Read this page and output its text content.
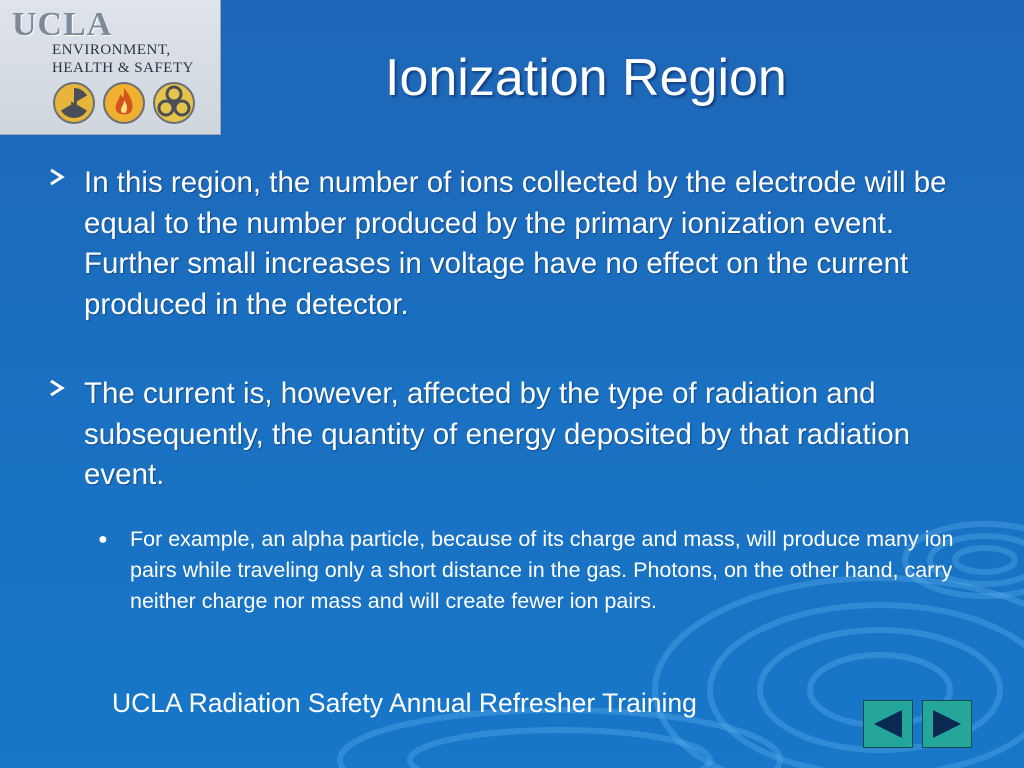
UCLA
ENVIRONMENT,
HEALTH & SAFETY	Ionization Region
In this region, the number of ions collected by the electrode will be equal to the number produced by the primary ionization event. Further small increases in voltage have no effect on the current produced in the detector.
The current is, however, affected by the type of radiation and subsequently, the quantity of energy deposited by that radiation event.
●	For example, an alpha particle, because of its charge and mass, will produce many ion pairs while traveling only a short distance in the gas. Photons, on the other hand, carry neither charge nor mass and will create fewer ion pairs.
UCLA Radiation Safety Annual Refresher Training
